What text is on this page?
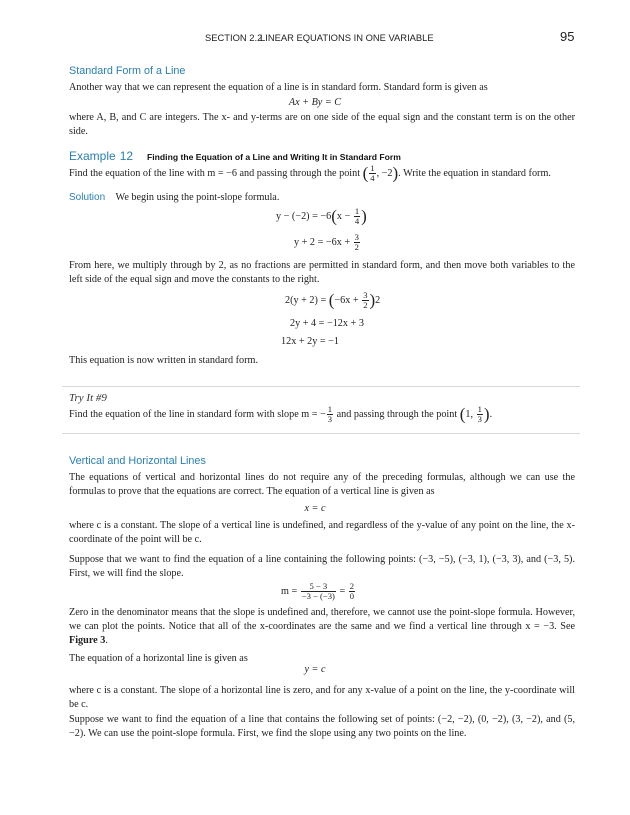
SECTION 2.2
LINEAR EQUATIONS IN ONE VARIABLE	95
Standard Form of a Line
Another way that we can represent the equation of a line is in standard form. Standard form is given as
Ax + By = C
where A, B, and C are integers. The x- and y-terms are on one side of the equal sign and the constant term is on the other side.
Example 12 Finding the Equation of a Line and Writing It in Standard Form
Find the equation of the line with m = −6 and passing through the point ( $\frac{1}{4}$ , −2). Write the equation in standard form.
Solution We begin using the point-slope formula.
$y - (-2) = -6(x - \frac{1}{4}$ )
$y + 2 = -6x + \frac{3}{2}$
From here, we multiply through by 2, as no fractions are permitted in standard form, and then move both variables to the left side of the equal sign and move the constants to the right.
$2(y + 2) = (-6x + \frac{3}{2} )2$
2y + 4 = −12x + 3
12x + 2y = −1
This equation is now written in standard form.
Try It #9
Find the equation of the line in standard form with slope m = − $\frac{1}{3}$ and passing through the point (1, $\frac{1}{3}$ ).
Vertical and Horizontal Lines
The equations of vertical and horizontal lines do not require any of the preceding formulas, although we can use the formulas to prove that the equations are correct. The equation of a vertical line is given as
x = c
where c is a constant. The slope of a vertical line is undefined, and regardless of the y-value of any point on the line, the x-coordinate of the point will be c.
Suppose that we want to find the equation of a line containing the following points: (−3, −5), (−3, 1), (−3, 3), and (−3, 5). First, we will find the slope.
$m = \frac{5 - 3}{-3 - (-3)} = \frac{2}{0}$
Zero in the denominator means that the slope is undefined and, therefore, we cannot use the point-slope formula. However, we can plot the points. Notice that all of the x-coordinates are the same and we find a vertical line through x = −3. See Figure 3.
The equation of a horizontal line is given as
y = c
where c is a constant. The slope of a horizontal line is zero, and for any x-value of a point on the line, the y-coordinate will be c.
Suppose we want to find the equation of a line that contains the following set of points: (−2, −2), (0, −2), (3, −2), and (5, −2). We can use the point-slope formula. First, we find the slope using any two points on the line.
